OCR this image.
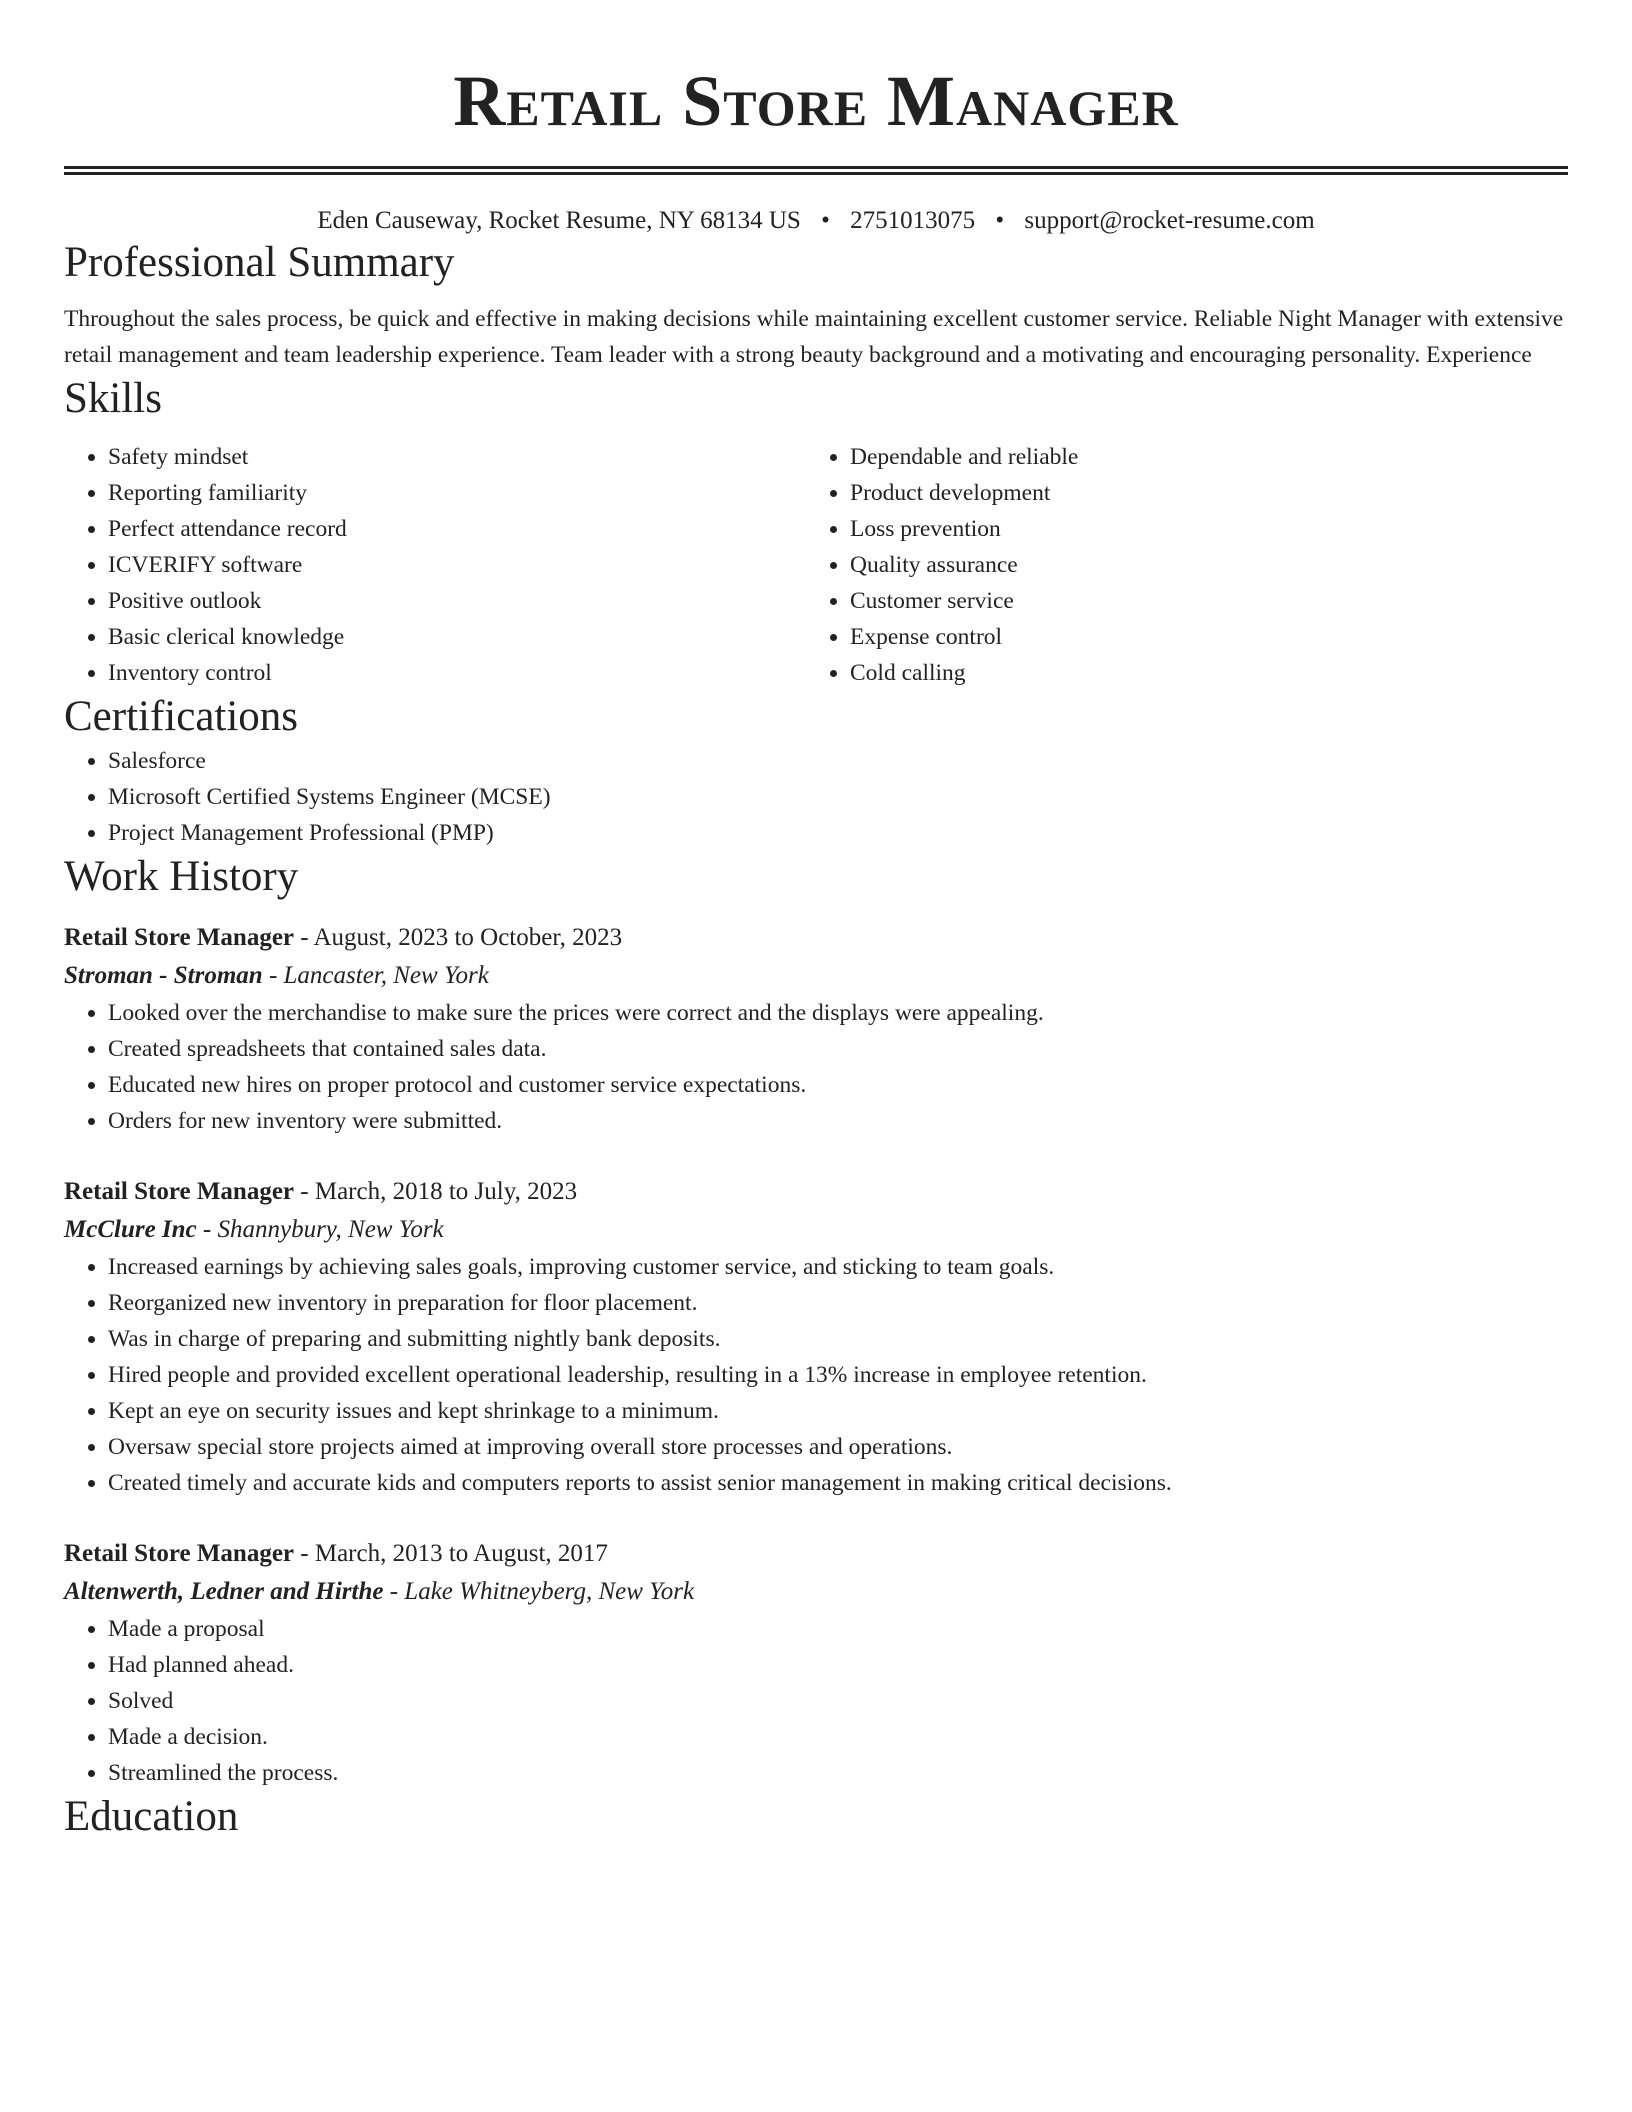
Retail Store Manager
Eden Causeway, Rocket Resume, NY 68134 US • 2751013075 • support@rocket-resume.com
Professional Summary

Throughout the sales process, be quick and effective in making decisions while maintaining excellent customer service. Reliable Night Manager with extensive retail management and team leadership experience. Team leader with a strong beauty background and a motivating and encouraging personality. Experience

Skills
• Safety mindset
• Reporting familiarity
• Perfect attendance record
• ICVERIFY software
• Positive outlook
• Basic clerical knowledge
• Inventory control
• Dependable and reliable
• Product development
• Loss prevention
• Quality assurance
• Customer service
• Expense control
• Cold calling
Certifications
• Salesforce
• Microsoft Certified Systems Engineer (MCSE)
• Project Management Professional (PMP)
Work History
Retail Store Manager - August, 2023 to October, 2023
Stroman - Stroman - Lancaster, New York
• Looked over the merchandise to make sure the prices were correct and the displays were appealing.
• Created spreadsheets that contained sales data.
• Educated new hires on proper protocol and customer service expectations.
• Orders for new inventory were submitted.
Retail Store Manager - March, 2018 to July, 2023
McClure Inc - Shannybury, New York
• Increased earnings by achieving sales goals, improving customer service, and sticking to team goals.
• Reorganized new inventory in preparation for floor placement.
• Was in charge of preparing and submitting nightly bank deposits.
• Hired people and provided excellent operational leadership, resulting in a 13% increase in employee retention.
• Kept an eye on security issues and kept shrinkage to a minimum.
• Oversaw special store projects aimed at improving overall store processes and operations.
• Created timely and accurate kids and computers reports to assist senior management in making critical decisions.
Retail Store Manager - March, 2013 to August, 2017
Altenwerth, Ledner and Hirthe - Lake Whitneyberg, New York
• Made a proposal
• Had planned ahead.
• Solved
• Made a decision.
• Streamlined the process.
Education
